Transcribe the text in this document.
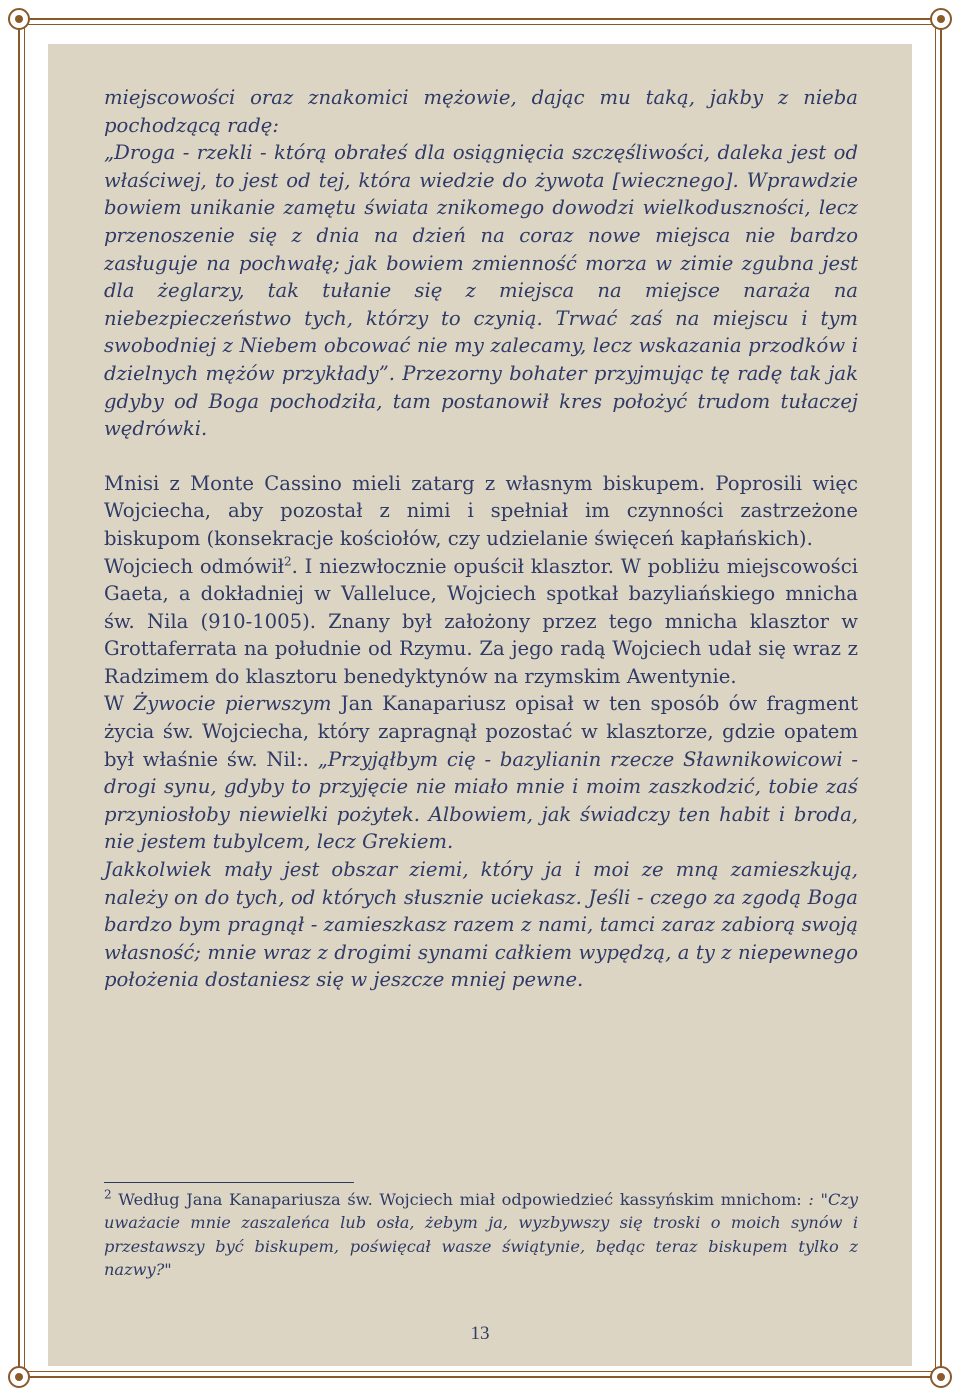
miejscowości oraz znakomici mężowie, dając mu taką, jakby z nieba pochodzącą radę:

„Droga - rzekli - którą obrałeś dla osiągnięcia szczęśliwości, daleka jest od właściwej, to jest od tej, która wiedzie do żywota [wiecznego]. Wprawdzie bowiem unikanie zamętu świata znikomego dowodzi wielkoduszności, lecz przenoszenie się z dnia na dzień na coraz nowe miejsca nie bardzo zasługuje na pochwałę; jak bowiem zmienność morza w zimie zgubna jest dla żeglarzy, tak tułanie się z miejsca na miejsce naraża na niebezpieczeństwo tych, którzy to czynią. Trwać zaś na miejscu i tym swobodniej z Niebem obcować nie my zalecamy, lecz wskazania przodków i dzielnych mężów przykłady”. Przezorny bohater przyjmując tę radę tak jak gdyby od Boga pochodziła, tam postanowił kres położyć trudom tułaczej wędrówki.

Mnisi z Monte Cassino mieli zatarg z własnym biskupem. Poprosili więc Wojciecha, aby pozostał z nimi i spełniał im czynności zastrzeżone biskupom (konsekracje kościołów, czy udzielanie święceń kapłańskich).

Wojciech odmówił$^2$. I niezwłocznie opuścił klasztor. W pobliżu miejscowości Gaeta, a dokładniej w Valleluce, Wojciech spotkał bazyliańskiego mnicha św. Nila (910-1005). Znany był założony przez tego mnicha klasztor w Grottaferrata na południe od Rzymu. Za jego radą Wojciech udał się wraz z Radzimem do klasztoru benedyktynów na rzymskim Awentynie.

W Żywocie pierwszym Jan Kanapariusz opisał w ten sposób ów fragment życia św. Wojciecha, który zapragnął pozostać w klasztorze, gdzie opatem był właśnie św. Nil:. „Przyjąłbym cię - bazylianin rzecze Sławnikowicowi - drogi synu, gdyby to przyjęcie nie miało mnie i moim zaszkodzić, tobie zaś przyniosłoby niewielki pożytek. Albowiem, jak świadczy ten habit i broda, nie jestem tubylcem, lecz Grekiem.

Jakkolwiek mały jest obszar ziemi, który ja i moi ze mną zamieszkują, należy on do tych, od których słusznie uciekasz. Jeśli - czego za zgodą Boga bardzo bym pragnął - zamieszkasz razem z nami, tamci zaraz zabiorą swoją własność; mnie wraz z drogimi synami całkiem wypędzą, a ty z niepewnego położenia dostaniesz się w jeszcze mniej pewne.

$^2$ Według Jana Kanapariusza św. Wojciech miał odpowiedzieć kassyńskim mnichom: : "Czy uważacie mnie zaszaleńca lub osła, żebym ja, wyzbywszy się troski o moich synów i przestawszy być biskupem, poświęcał wasze świątynie, będąc teraz biskupem tylko z nazwy?"

13
